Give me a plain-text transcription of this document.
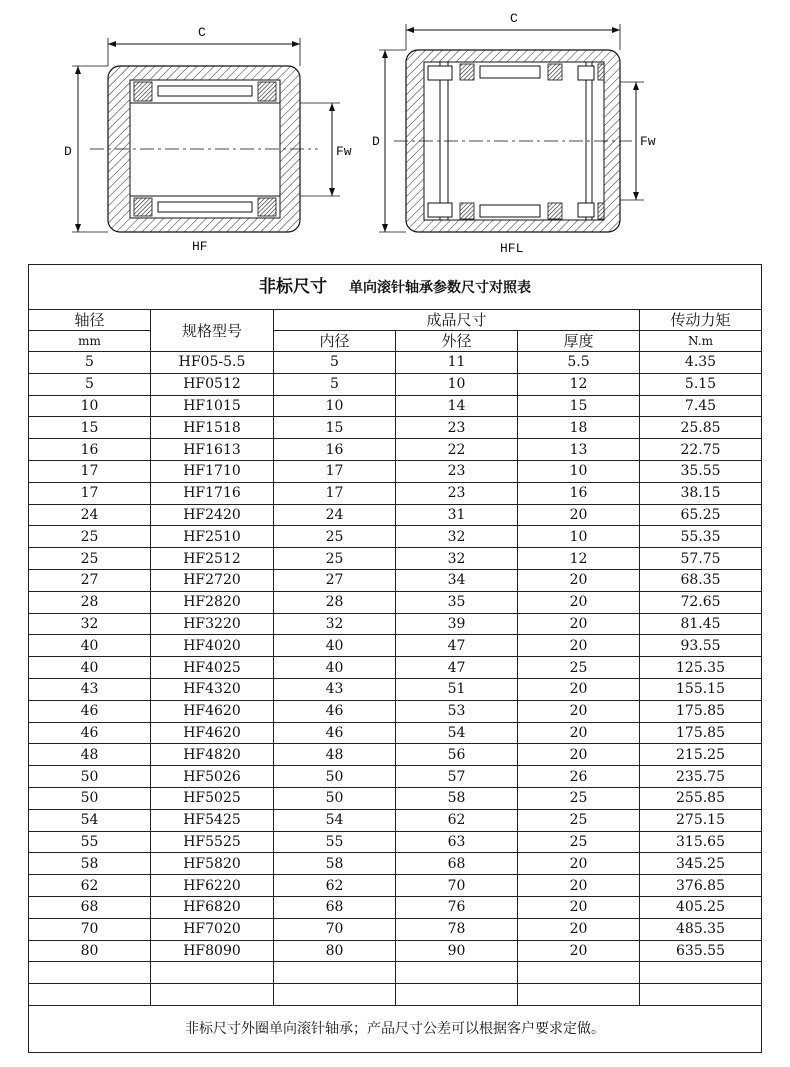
C
D	Fw
HF
C
D	Fw
HFL
非标尺寸 单向滚针轴承参数尺寸对照表					
轴径	规格型号	成品尺寸			传动力矩
mm		内径	外径	厚度	N.m
5	HF05-5.5	5	11	5.5	4.35
5	HF0512	5	10	12	5.15
10	HF1015	10	14	15	7.45
15	HF1518	15	23	18	25.85
16	HF1613	16	22	13	22.75
17	HF1710	17	23	10	35.55
17	HF1716	17	23	16	38.15
24	HF2420	24	31	20	65.25
25	HF2510	25	32	10	55.35
25	HF2512	25	32	12	57.75
27	HF2720	27	34	20	68.35
28	HF2820	28	35	20	72.65
32	HF3220	32	39	20	81.45
40	HF4020	40	47	20	93.55
40	HF4025	40	47	25	125.35
43	HF4320	43	51	20	155.15
46	HF4620	46	53	20	175.85
46	HF4620	46	54	20	175.85
48	HF4820	48	56	20	215.25
50	HF5026	50	57	26	235.75
50	HF5025	50	58	25	255.85
54	HF5425	54	62	25	275.15
55	HF5525	55	63	25	315.65
58	HF5820	58	68	20	345.25
62	HF6220	62	70	20	376.85
68	HF6820	68	76	20	405.25
70	HF7020	70	78	20	485.35
80	HF8090	80	90	20	635.55

非标尺寸外圈单向滚针轴承；产品尺寸公差可以根据客户要求定做。					
